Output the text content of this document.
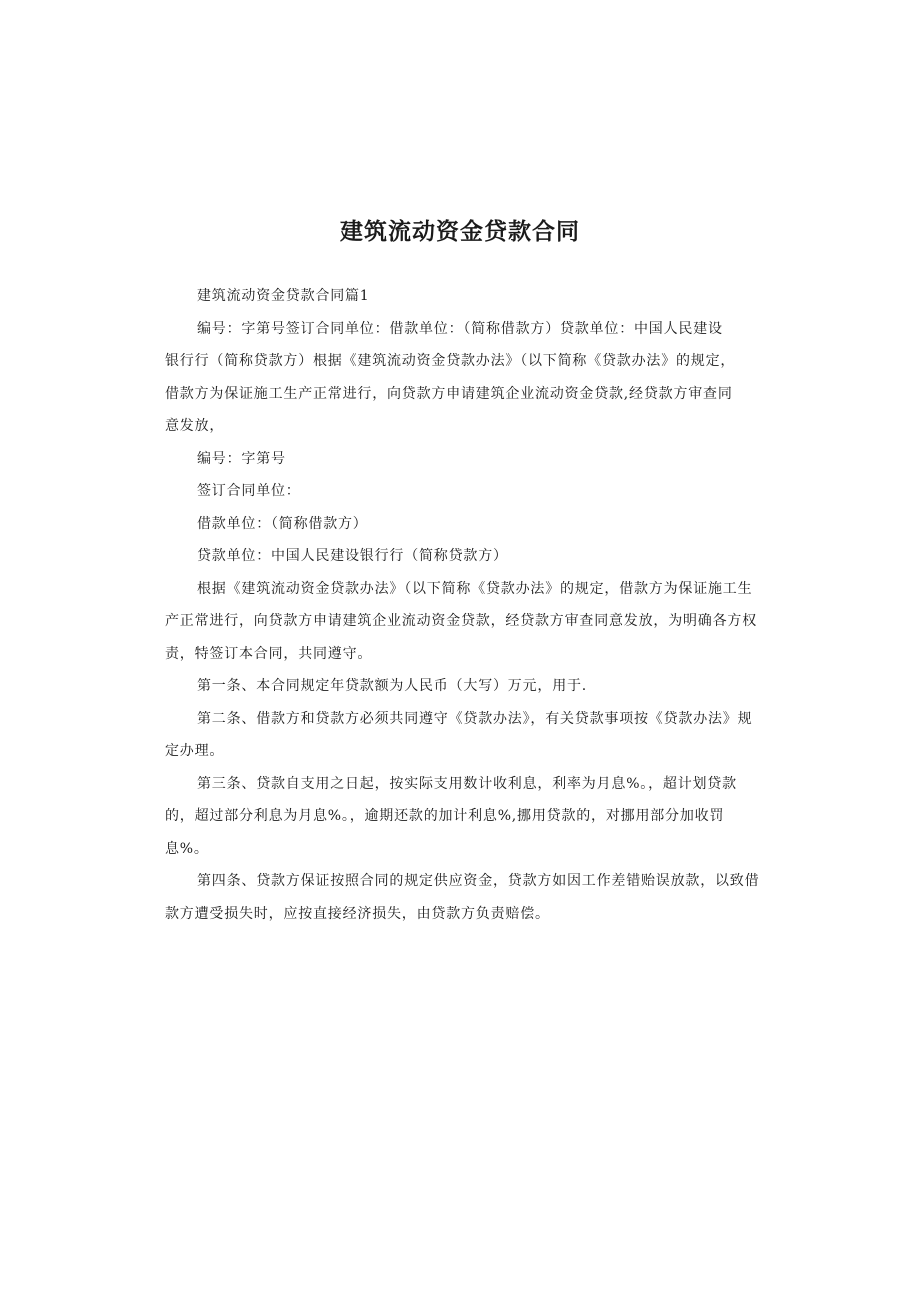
建筑流动资金贷款合同

建筑流动资金贷款合同篇1

编号：字第号签订合同单位：借款单位：（简称借款方）贷款单位：中国人民建设
银行行（简称贷款方）根据《建筑流动资金贷款办法》（以下简称《贷款办法》的规定，
借款方为保证施工生产正常进行，向贷款方申请建筑企业流动资金贷款,经贷款方审查同
意发放，

编号：字第号

签订合同单位：

借款单位：（简称借款方）

贷款单位：中国人民建设银行行（简称贷款方）

根据《建筑流动资金贷款办法》（以下简称《贷款办法》的规定，借款方为保证施工生产正常进行，向贷款方申请建筑企业流动资金贷款，经贷款方审查同意发放，为明确各方权责，特签订本合同，共同遵守。

第一条、本合同规定年贷款额为人民币（大写）万元，用于.

第二条、借款方和贷款方必须共同遵守《贷款办法》，有关贷款事项按《贷款办法》规定办理。

第三条、贷款自支用之日起，按实际支用数计收利息，利率为月息%。，超计划贷款的，超过部分利息为月息%。，逾期还款的加计利息%,挪用贷款的，对挪用部分加收罚息%。

第四条、贷款方保证按照合同的规定供应资金，贷款方如因工作差错贻误放款，以致借款方遭受损失时，应按直接经济损失，由贷款方负责赔偿。
